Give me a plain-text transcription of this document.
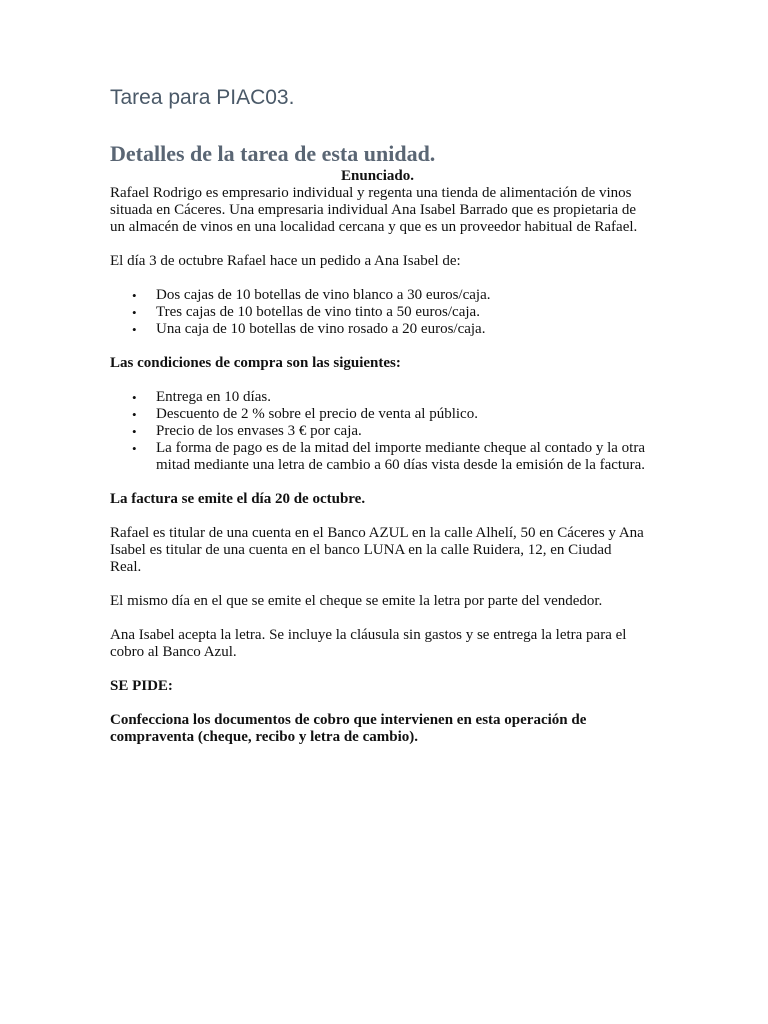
Tarea para PIAC03.
Detalles de la tarea de esta unidad.

Enunciado.

Rafael Rodrigo es empresario individual y regenta una tienda de alimentación de vinos situada en Cáceres. Una empresaria individual Ana Isabel Barrado que es propietaria de un almacén de vinos en una localidad cercana y que es un proveedor habitual de Rafael.

El día 3 de octubre Rafael hace un pedido a Ana Isabel de:

• Dos cajas de 10 botellas de vino blanco a 30 euros/caja.
• Tres cajas de 10 botellas de vino tinto a 50 euros/caja.
• Una caja de 10 botellas de vino rosado a 20 euros/caja.

Las condiciones de compra son las siguientes:

• Entrega en 10 días.
• Descuento de 2 % sobre el precio de venta al público.
• Precio de los envases 3 € por caja.
• La forma de pago es de la mitad del importe mediante cheque al contado y la otra mitad mediante una letra de cambio a 60 días vista desde la emisión de la factura.

La factura se emite el día 20 de octubre.

Rafael es titular de una cuenta en el Banco AZUL en la calle Alhelí, 50 en Cáceres y Ana Isabel es titular de una cuenta en el banco LUNA en la calle Ruidera, 12, en Ciudad Real.

El mismo día en el que se emite el cheque se emite la letra por parte del vendedor.

Ana Isabel acepta la letra. Se incluye la cláusula sin gastos y se entrega la letra para el cobro al Banco Azul.

SE PIDE:

Confecciona los documentos de cobro que intervienen en esta operación de compraventa (cheque, recibo y letra de cambio).
